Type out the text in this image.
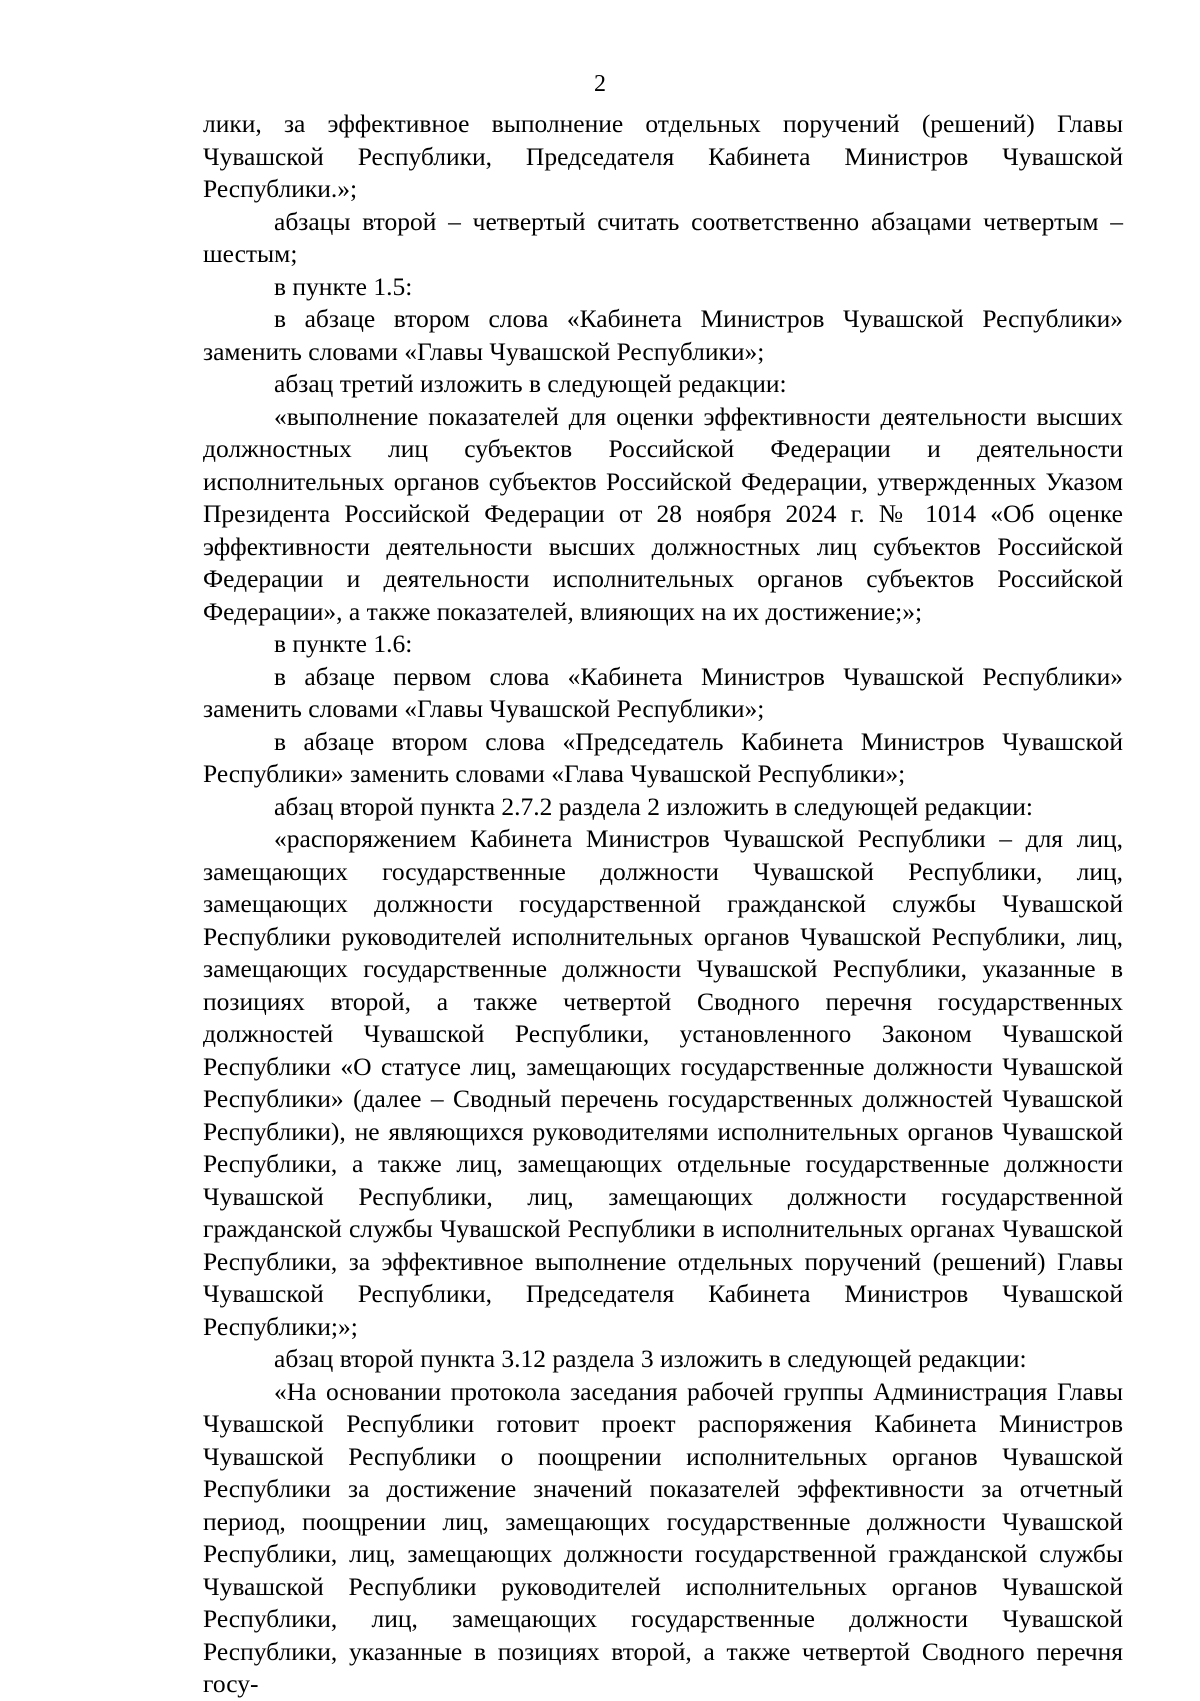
2

лики, за эффективное выполнение отдельных поручений (решений) Главы Чувашской Республики, Председателя Кабинета Министров Чувашской Республики.»;

абзацы второй – четвертый считать соответственно абзацами четвертым – шестым;

в пункте 1.5:

в абзаце втором слова «Кабинета Министров Чувашской Республики» заменить словами «Главы Чувашской Республики»;

абзац третий изложить в следующей редакции:

«выполнение показателей для оценки эффективности деятельности высших должностных лиц субъектов Российской Федерации и деятельности исполнительных органов субъектов Российской Федерации, утвержденных Указом Президента Российской Федерации от 28 ноября 2024 г. № 1014 «Об оценке эффективности деятельности высших должностных лиц субъектов Российской Федерации и деятельности исполнительных органов субъектов Российской Федерации», а также показателей, влияющих на их достижение;»;

в пункте 1.6:

в абзаце первом слова «Кабинета Министров Чувашской Республики» заменить словами «Главы Чувашской Республики»;

в абзаце втором слова «Председатель Кабинета Министров Чувашской Республики» заменить словами «Глава Чувашской Республики»;

абзац второй пункта 2.7.2 раздела 2 изложить в следующей редакции:

«распоряжением Кабинета Министров Чувашской Республики – для лиц, замещающих государственные должности Чувашской Республики, лиц, замещающих должности государственной гражданской службы Чувашской Республики руководителей исполнительных органов Чувашской Республики, лиц, замещающих государственные должности Чувашской Республики, указанные в позициях второй, а также четвертой Сводного перечня государственных должностей Чувашской Республики, установленного Законом Чувашской Республики «О статусе лиц, замещающих государственные должности Чувашской Республики» (далее – Сводный перечень государственных должностей Чувашской Республики), не являющихся руководителями исполнительных органов Чувашской Республики, а также лиц, замещающих отдельные государственные должности Чувашской Республики, лиц, замещающих должности государственной гражданской службы Чувашской Республики в исполнительных органах Чувашской Республики, за эффективное выполнение отдельных поручений (решений) Главы Чувашской Республики, Председателя Кабинета Министров Чувашской Республики;»;

абзац второй пункта 3.12 раздела 3 изложить в следующей редакции:

«На основании протокола заседания рабочей группы Администрация Главы Чувашской Республики готовит проект распоряжения Кабинета Министров Чувашской Республики о поощрении исполнительных органов Чувашской Республики за достижение значений показателей эффективности за отчетный период, поощрении лиц, замещающих государственные должности Чувашской Республики, лиц, замещающих должности государственной гражданской службы Чувашской Республики руководителей исполнительных органов Чувашской Республики, лиц, замещающих государственные должности Чувашской Республики, указанные в позициях второй, а также четвертой Сводного перечня госу-
